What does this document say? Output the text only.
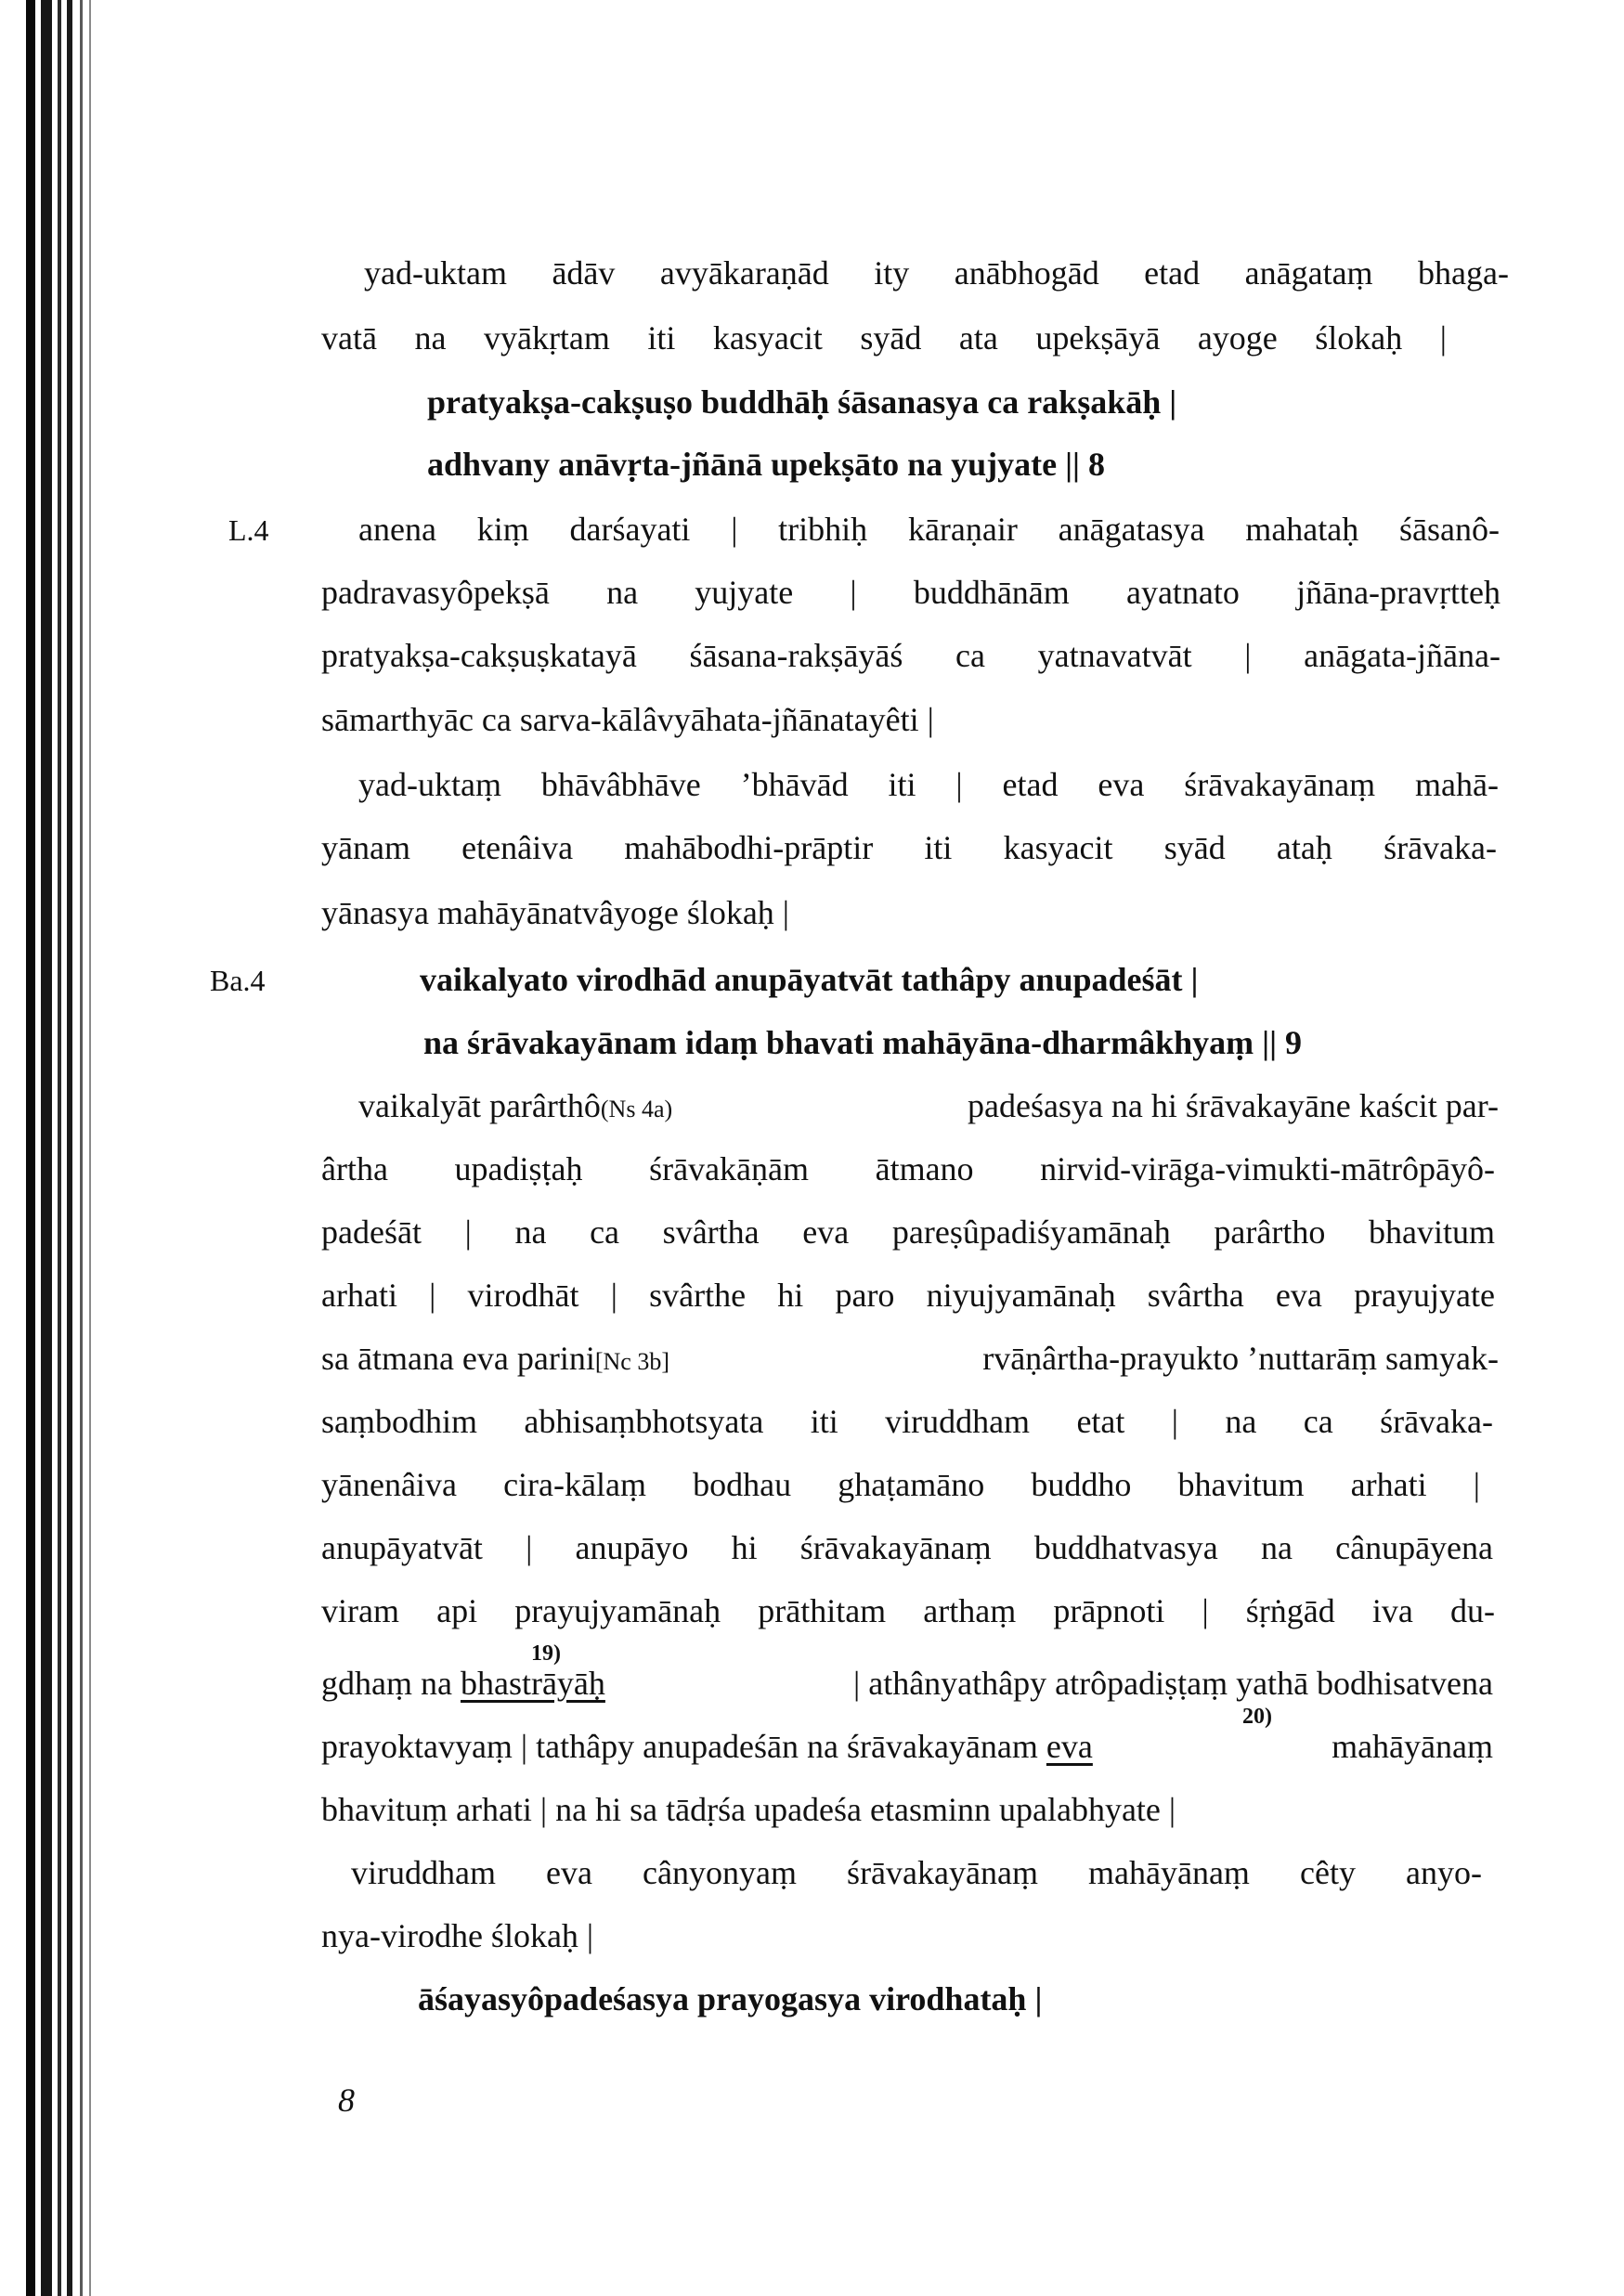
yad-uktam ādāv avyākaraṇād ity anābhogād etad anāgataṃ bhaga-
vatā na vyākṛtam iti kasyacit syād ata upekṣāyā ayoge ślokaḥ |
pratyakṣa-cakṣuṣo buddhāḥ śāsanasya ca rakṣakāḥ |
adhvany anāvṛta-jñānā upekṣāto na yujyate || 8
L.4	anena kiṃ darśayati | tribhiḥ kāraṇair anāgatasya mahataḥ śāsanô-
padravasyôpekṣā na yujyate | buddhānām ayatnato jñāna-pravṛtteḥ
pratyakṣa-cakṣuṣkatayā śāsana-rakṣāyāś ca yatnavatvāt | anāgata-jñāna-
sāmarthyāc ca sarva-kālâvyāhata-jñānatayêti |
yad-uktaṃ bhāvâbhāve ’bhāvād iti | etad eva śrāvakayānaṃ mahā-
yānam etenâiva mahābodhi-prāptir iti kasyacit syād ataḥ śrāvaka-
yānasya mahāyānatvâyoge ślokaḥ |
Ba.4	vaikalyato virodhād anupāyatvāt tathâpy anupadeśāt |
na śrāvakayānam idaṃ bhavati mahāyāna-dharmâkhyaṃ || 9
vaikalyāt parârthô(Ns 4a)	padeśasya na hi śrāvakayāne kaścit par-
ârtha upadiṣṭaḥ śrāvakāṇām ātmano nirvid-virāga-vimukti-mātrôpāyô-
padeśāt | na ca svârtha eva pareṣûpadiśyamānaḥ parârtho bhavitum
arhati | virodhāt | svârthe hi paro niyujyamānaḥ svârtha eva prayujyate
sa ātmana eva parini[Nc 3b]	rvāṇârtha-prayukto ’nuttarāṃ samyak-
saṃbodhim abhisaṃbhotsyata iti viruddham etat | na ca śrāvaka-
yānenâiva cira-kālaṃ bodhau ghaṭamāno buddho bhavitum arhati |
anupāyatvāt | anupāyo hi śrāvakayānaṃ buddhatvasya na cânupāyena
viram api prayujyamānaḥ prāthitam arthaṃ prāpnoti | śṛṅgād iva du-
19)
gdhaṃ na bhastrāyāḥ	| athânyathâpy atrôpadiṣṭaṃ yathā bodhisatvena
20)
prayoktavyaṃ | tathâpy anupadeśān na śrāvakayānam eva	mahāyānaṃ
bhavituṃ arhati | na hi sa tādṛśa upadeśa etasminn upalabhyate |
viruddham eva cânyonyaṃ śrāvakayānaṃ mahāyānaṃ cêty anyo-
nya-virodhe ślokaḥ |
āśayasyôpadeśasya prayogasya virodhataḥ |
8
